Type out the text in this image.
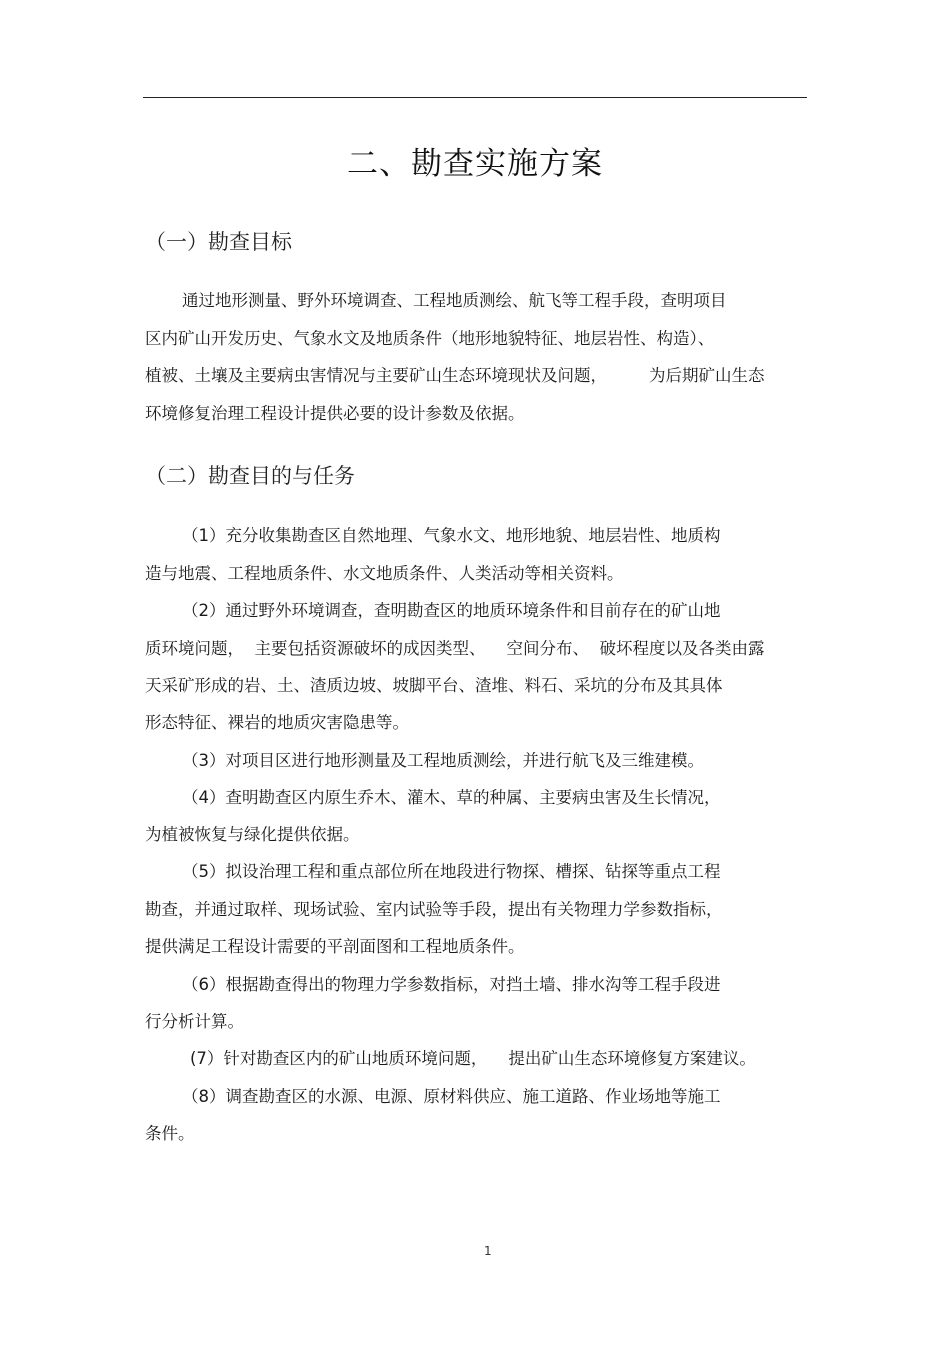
二、勘查实施方案
（一）勘查目标
通过地形测量、野外环境调查、工程地质测绘、航飞等工程手段，查明项目
区内矿山开发历史、气象水文及地质条件（地形地貌特征、地层岩性、构造）、
植被、土壤及主要病虫害情况与主要矿山生态环境现状及问题，        为后期矿山生态
环境修复治理工程设计提供必要的设计参数及依据。
（二）勘查目的与任务
（1）充分收集勘查区自然地理、气象水文、地形地貌、地层岩性、地质构
造与地震、工程地质条件、水文地质条件、人类活动等相关资料。
（2）通过野外环境调查，查明勘查区的地质环境条件和目前存在的矿山地
质环境问题，  主要包括资源破坏的成因类型、    空间分布、  破坏程度以及各类由露
天采矿形成的岩、土、渣质边坡、坡脚平台、渣堆、料石、采坑的分布及其具体
形态特征、裸岩的地质灾害隐患等。
（3）对项目区进行地形测量及工程地质测绘，并进行航飞及三维建模。
（4）查明勘查区内原生乔木、灌木、草的种属、主要病虫害及生长情况，
为植被恢复与绿化提供依据。
（5）拟设治理工程和重点部位所在地段进行物探、槽探、钻探等重点工程
勘查，并通过取样、现场试验、室内试验等手段，提出有关物理力学参数指标，
提供满足工程设计需要的平剖面图和工程地质条件。
（6）根据勘查得出的物理力学参数指标，对挡土墙、排水沟等工程手段进
行分析计算。
(7）针对勘查区内的矿山地质环境问题，    提出矿山生态环境修复方案建议。
（8）调查勘查区的水源、电源、原材料供应、施工道路、作业场地等施工
条件。
1
